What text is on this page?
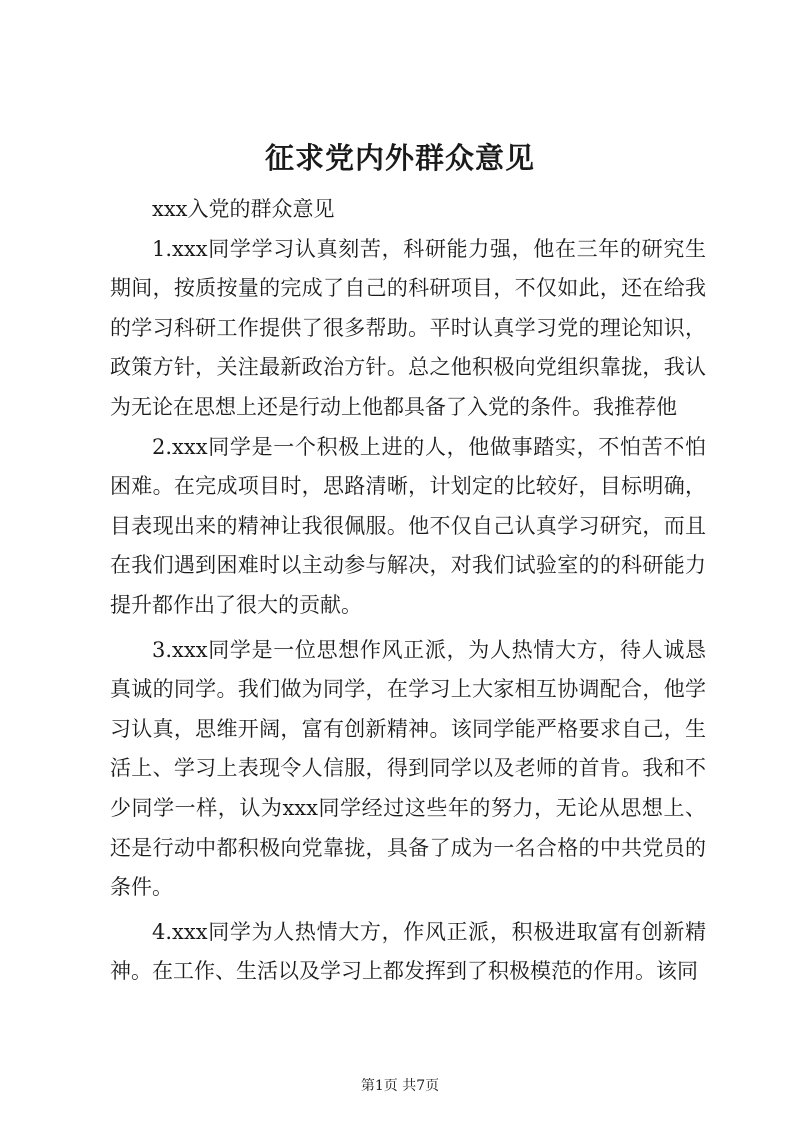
征求党内外群众意见

xxx入党的群众意见

1.xxx同学学习认真刻苦，科研能力强，他在三年的研究生期间，按质按量的完成了自己的科研项目，不仅如此，还在给我的学习科研工作提供了很多帮助。平时认真学习党的理论知识，政策方针，关注最新政治方针。总之他积极向党组织靠拢，我认为无论在思想上还是行动上他都具备了入党的条件。我推荐他

2.xxx同学是一个积极上进的人，他做事踏实，不怕苦不怕困难。在完成项目时，思路清晰，计划定的比较好，目标明确，目表现出来的精神让我很佩服。他不仅自己认真学习研究，而且在我们遇到困难时以主动参与解决，对我们试验室的的科研能力提升都作出了很大的贡献。

3.xxx同学是一位思想作风正派，为人热情大方，待人诚恳真诚的同学。我们做为同学，在学习上大家相互协调配合，他学习认真，思维开阔，富有创新精神。该同学能严格要求自己，生活上、学习上表现令人信服，得到同学以及老师的首肯。我和不少同学一样，认为xxx同学经过这些年的努力，无论从思想上、还是行动中都积极向党靠拢，具备了成为一名合格的中共党员的条件。

4.xxx同学为人热情大方，作风正派，积极进取富有创新精神。在工作、生活以及学习上都发挥到了积极模范的作用。该同

第1页 共7页
